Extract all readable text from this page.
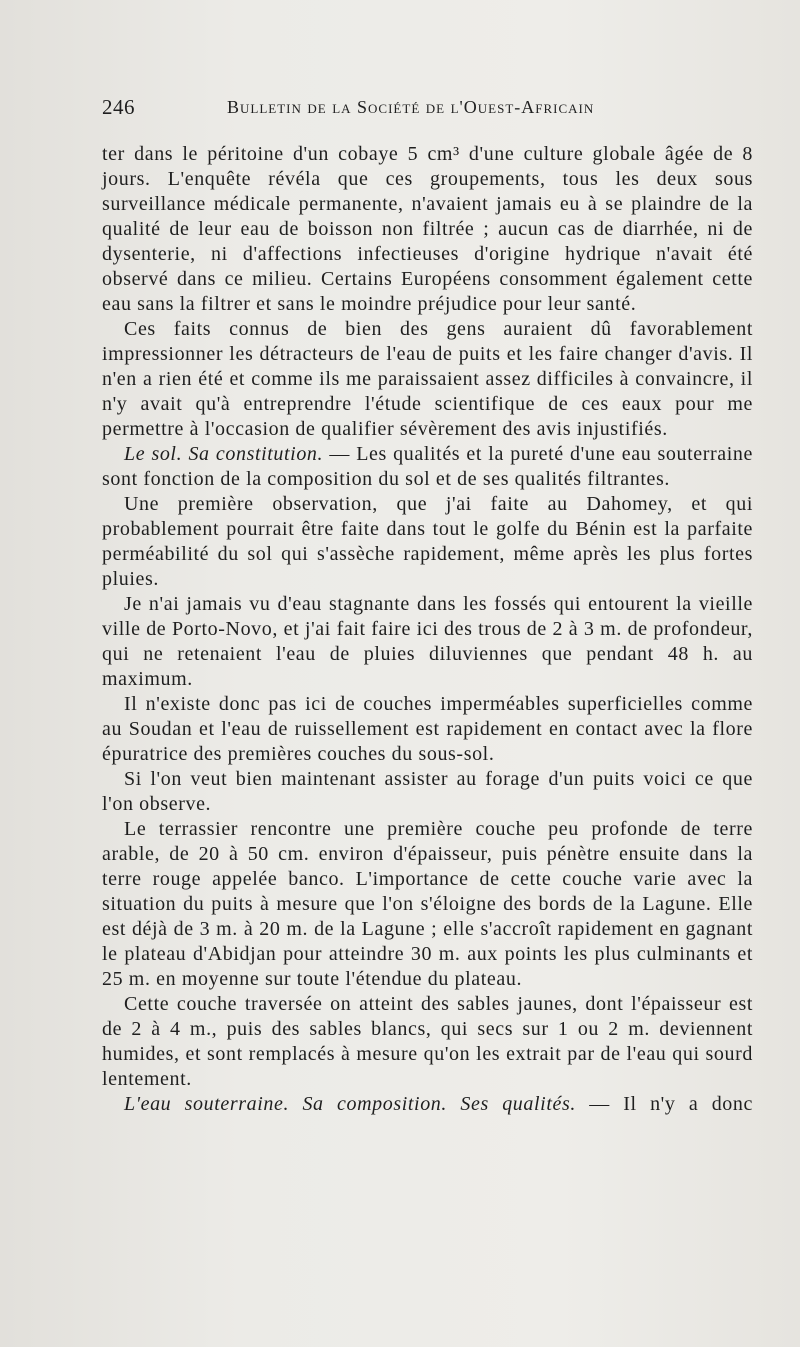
246	Bulletin de la Société de l'Ouest-Africain

ter dans le péritoine d'un cobaye 5 cm³ d'une culture globale âgée de 8 jours. L'enquête révéla que ces groupements, tous les deux sous surveillance médicale permanente, n'avaient jamais eu à se plaindre de la qualité de leur eau de boisson non filtrée ; aucun cas de diarrhée, ni de dysenterie, ni d'affections infectieuses d'origine hydrique n'avait été observé dans ce milieu. Certains Européens consomment également cette eau sans la filtrer et sans le moindre préjudice pour leur santé.

Ces faits connus de bien des gens auraient dû favorablement impressionner les détracteurs de l'eau de puits et les faire changer d'avis. Il n'en a rien été et comme ils me paraissaient assez difficiles à convaincre, il n'y avait qu'à entreprendre l'étude scientifique de ces eaux pour me permettre à l'occasion de qualifier sévèrement des avis injustifiés.

Le sol. Sa constitution. — Les qualités et la pureté d'une eau souterraine sont fonction de la composition du sol et de ses qualités filtrantes.

Une première observation, que j'ai faite au Dahomey, et qui probablement pourrait être faite dans tout le golfe du Bénin est la parfaite perméabilité du sol qui s'assèche rapidement, même après les plus fortes pluies.

Je n'ai jamais vu d'eau stagnante dans les fossés qui entourent la vieille ville de Porto-Novo, et j'ai fait faire ici des trous de 2 à 3 m. de profondeur, qui ne retenaient l'eau de pluies diluviennes que pendant 48 h. au maximum.

Il n'existe donc pas ici de couches imperméables superficielles comme au Soudan et l'eau de ruissellement est rapidement en contact avec la flore épuratrice des premières couches du sous-sol.

Si l'on veut bien maintenant assister au forage d'un puits voici ce que l'on observe.

Le terrassier rencontre une première couche peu profonde de terre arable, de 20 à 50 cm. environ d'épaisseur, puis pénètre ensuite dans la terre rouge appelée banco. L'importance de cette couche varie avec la situation du puits à mesure que l'on s'éloigne des bords de la Lagune. Elle est déjà de 3 m. à 20 m. de la Lagune ; elle s'accroît rapidement en gagnant le plateau d'Abidjan pour atteindre 30 m. aux points les plus culminants et 25 m. en moyenne sur toute l'étendue du plateau.

Cette couche traversée on atteint des sables jaunes, dont l'épaisseur est de 2 à 4 m., puis des sables blancs, qui secs sur 1 ou 2 m. deviennent humides, et sont remplacés à mesure qu'on les extrait par de l'eau qui sourd lentement.

L'eau souterraine. Sa composition. Ses qualités. — Il n'y a donc
